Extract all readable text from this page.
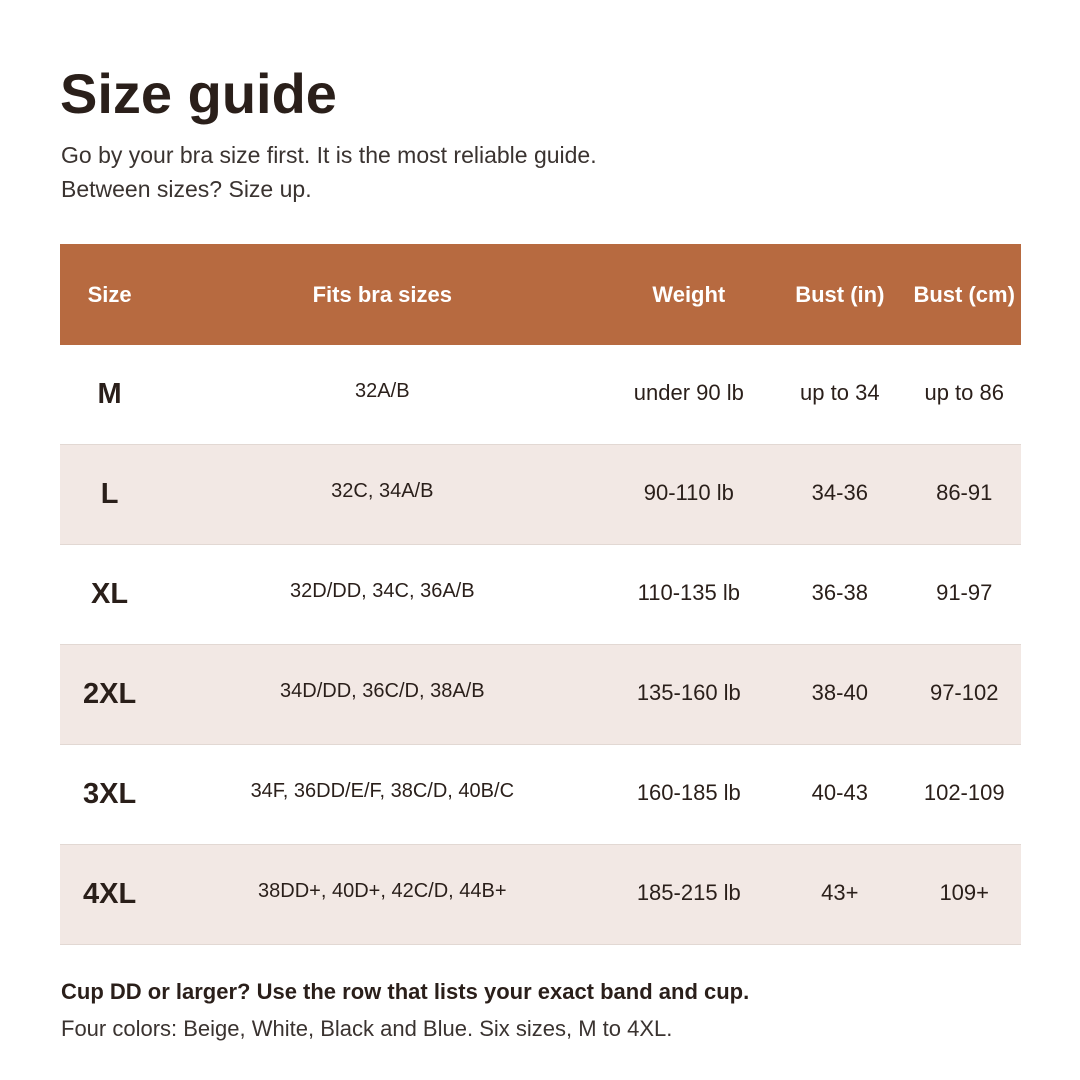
Size guide
Go by your bra size first. It is the most reliable guide.
Between sizes? Size up.
Size	Fits bra sizes	Weight	Bust (in)	Bust (cm)
M	32A/B	under 90 lb	up to 34	up to 86
L	32C, 34A/B	90-110 lb	34-36	86-91
XL	32D/DD, 34C, 36A/B	110-135 lb	36-38	91-97
2XL	34D/DD, 36C/D, 38A/B	135-160 lb	38-40	97-102
3XL	34F, 36DD/E/F, 38C/D, 40B/C	160-185 lb	40-43	102-109
4XL	38DD+, 40D+, 42C/D, 44B+	185-215 lb	43+	109+
Cup DD or larger? Use the row that lists your exact band and cup.
Four colors: Beige, White, Black and Blue. Six sizes, M to 4XL.
